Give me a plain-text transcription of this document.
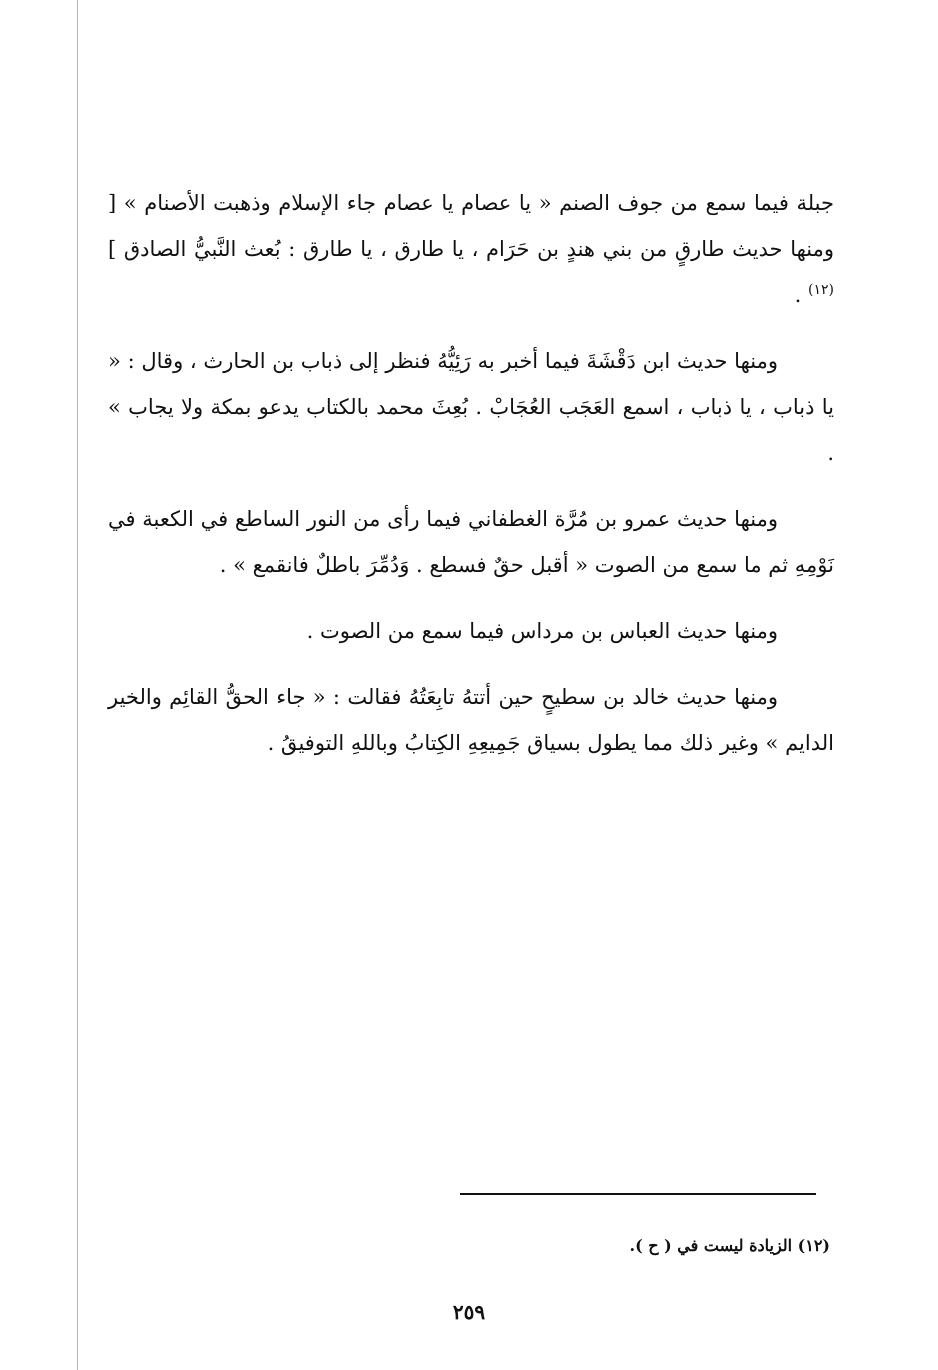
جبلة فيما سمع من جوف الصنم « يا عصام يا عصام جاء الإسلام وذهبت الأصنام » [ ومنها حديث طارقٍ من بني هندٍ بن حَرَام ، يا طارق ، يا طارق : بُعث النَّبيُّ الصادق ]$^{(١٢)}$ .

ومنها حديث ابن دَقْشَةَ فيما أخبر به رَئِيُّهُ فنظر إلى ذباب بن الحارث ، وقال : « يا ذباب ، يا ذباب ، اسمع العَجَب العُجَابْ . بُعِثَ محمد بالكتاب يدعو بمكة ولا يجاب » .

ومنها حديث عمرو بن مُرَّة الغطفاني فيما رأى من النور الساطع في الكعبة في نَوْمِهِ ثم ما سمع من الصوت « أقبل حقٌ فسطع . وَدُمِّرَ باطلٌ فانقمع » .

ومنها حديث العباس بن مرداس فيما سمع من الصوت .

ومنها حديث خالد بن سطيحٍ حين أتتهُ تابِعَتُهُ فقالت : « جاء الحقُّ القائِم والخير الدايم » وغير ذلك مما يطول بسياق جَمِيعِهِ الكِتابُ وباللهِ التوفيقُ .

(١٢) الزيادة ليست في ( ح ).
٢٥٩
